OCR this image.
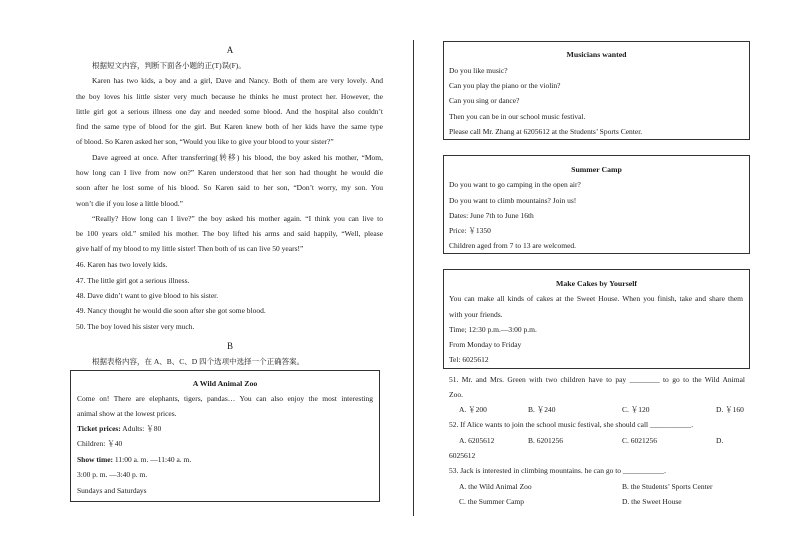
A
根据短文内容，判断下面各小题的正(T)误(F)。
Karen has two kids, a boy and a girl, Dave and Nancy. Both of them are very lovely. And
the boy loves his little sister very much because he thinks he must protect her. However, the
little girl got a serious illness one day and needed some blood. And the hospital also couldn’t
find the same type of blood for the girl. But Karen knew both of her kids have the same type
of blood. So Karen asked her son, “Would you like to give your blood to your sister?”
Dave agreed at once. After transferring(转移) his blood, the boy asked his mother, “Mom,
how long can I live from now on?” Karen understood that her son had thought he would die
soon after he lost some of his blood. So Karen said to her son, “Don’t worry, my son. You
won’t die if you lose a little blood.”
“Really? How long can I live?” the boy asked his mother again. “I think you can live to
be 100 years old.” smiled his mother. The boy lifted his arms and said happily, “Well, please
give half of my blood to my little sister! Then both of us can live 50 years!”
46. Karen has two lovely kids.
47. The little girl got a serious illness.
48. Dave didn’t want to give blood to his sister.
49. Nancy thought he would die soon after she got some blood.
50. The boy loved his sister very much.
B
根据表格内容，在 A、B、C、D 四个选项中选择一个正确答案。
A Wild Animal Zoo
Come on! There are elephants, tigers, pandas… You can also enjoy the most interesting
animal show at the lowest prices.
Ticket prices: Adults: ￥80
Children: ￥40
Show time: 11:00 a. m. —11:40 a. m.
3:00 p. m. —3:40 p. m.
Sundays and Saturdays
Musicians wanted
Do you like music?
Can you play the piano or the violin?
Can you sing or dance?
Then you can be in our school music festival.
Please call Mr. Zhang at 6205612 at the Students’ Sports Center.
Summer Camp
Do you want to go camping in the open air?
Do you want to climb mountains? Join us!
Dates: June 7th to June 16th
Price: ￥1350
Children aged from 7 to 13 are welcomed.
Make Cakes by Yourself
You can make all kinds of cakes at the Sweet House. When you finish, take and share them
with your friends.
Time; 12:30 p.m.—3:00 p.m.
From Monday to Friday
Tel: 6025612
51. Mr. and Mrs. Green with two children have to pay ________ to go to the Wild Animal
Zoo.
A. ￥200	B. ￥240	C. ￥120	D. ￥160
52. If Alice wants to join the school music festival, she should call ___________.
A. 6205612	B. 6201256	C. 6021256	D.
6025612
53. Jack is interested in climbing mountains. he can go to ___________.
A. the Wild Animal Zoo	B. the Students’ Sports Center
C. the Summer Camp	D. the Sweet House
